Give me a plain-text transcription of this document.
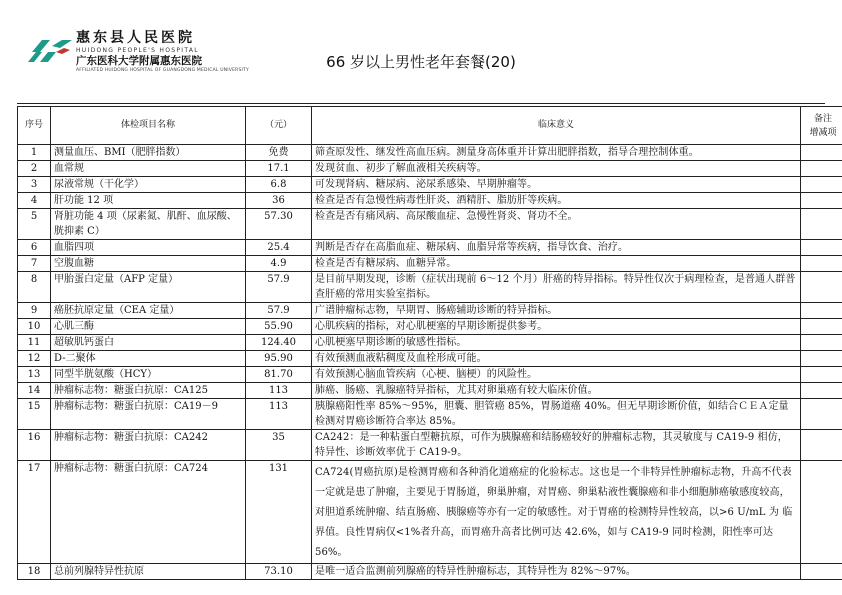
惠东县人民医院
HUIDONG PEOPLE'S HOSPITAL
广东医科大学附属惠东医院
AFFILIATED HUIDONG HOSPITAL OF GUANGDONG MEDICAL UNIVERSITY	66 岁以上男性老年套餐(20)
序号	体检项目名称	（元）	临床意义	备注
增减项
1	测量血压、BMI（肥胖指数）	免费	筛查原发性、继发性高血压病。测量身高体重并计算出肥胖指数，指导合理控制体重。	
2	血常规	17.1	发现贫血、初步了解血液相关疾病等。	
3	尿液常规（干化学）	6.8	可发现肾病、糖尿病、泌尿系感染、早期肿瘤等。	
4	肝功能 12 项	36	检查是否有急慢性病毒性肝炎、酒精肝、脂肪肝等疾病。	
5	肾脏功能 4 项（尿素氮、肌酐、血尿酸、胱抑素 C）	57.30	检查是否有痛风病、高尿酸血症、急慢性肾炎、肾功不全。	
6	血脂四项	25.4	判断是否存在高脂血症、糖尿病、血脂异常等疾病，指导饮食、治疗。	
7	空腹血糖	4.9	检查是否有糖尿病、血糖异常。	
8	甲胎蛋白定量（AFP 定量）	57.9	是目前早期发现，诊断（症状出现前 6～12 个月）肝癌的特异指标。特异性仅次于病理检查，是普通人群普查肝癌的常用实验室指标。	
9	癌胚抗原定量（CEA 定量）	57.9	广谱肿瘤标志物，早期胃、肠癌辅助诊断的特异指标。	
10	心肌三酶	55.90	心肌疾病的指标，对心肌梗塞的早期诊断提供参考。	
11	超敏肌钙蛋白	124.40	心肌梗塞早期诊断的敏感性指标。	
12	D-二聚体	95.90	有效预测血液粘稠度及血栓形成可能。	
13	同型半胱氨酸（HCY）	81.70	有效预测心脑血管疾病（心梗、脑梗）的风险性。	
14	肿瘤标志物：糖蛋白抗原：CA125	113	肺癌、肠癌、乳腺癌特异指标，尤其对卵巢癌有较大临床价值。	
15	肿瘤标志物：糖蛋白抗原：CA19－9	113	胰腺癌阳性率 85%～95%，胆囊、胆管癌 85%，胃肠道癌 40%。但无早期诊断价值，如结合ＣＥＡ定量检测对胃癌诊断符合率达 85%。	
16	肿瘤标志物：糖蛋白抗原：CA242	35	CA242：是一种粘蛋白型糖抗原，可作为胰腺癌和结肠癌较好的肿瘤标志物，其灵敏度与 CA19-9 相仿，特异性、诊断效率优于 CA19-9。	
17	肿瘤标志物：糖蛋白抗原：CA724	131	CA724(胃癌抗原)是检测胃癌和各种消化道癌症的化验标志。这也是一个非特异性肿瘤标志物，升高不代表一定就是患了肿瘤，主要见于胃肠道，卵巢肿瘤，对胃癌、卵巢粘液性囊腺癌和非小细胞肺癌敏感度较高，对胆道系统肿瘤、结直肠癌、胰腺癌等亦有一定的敏感性。对于胃癌的检测特异性较高，以>6 U/mL 为 临界值。良性胃病仅<1%者升高，而胃癌升高者比例可达 42.6%，如与 CA19-9 同时检测，阳性率可达 56%。	
18	总前列腺特异性抗原	73.10	是唯一适合监测前列腺癌的特异性肿瘤标志，其特异性为 82%～97%。	
